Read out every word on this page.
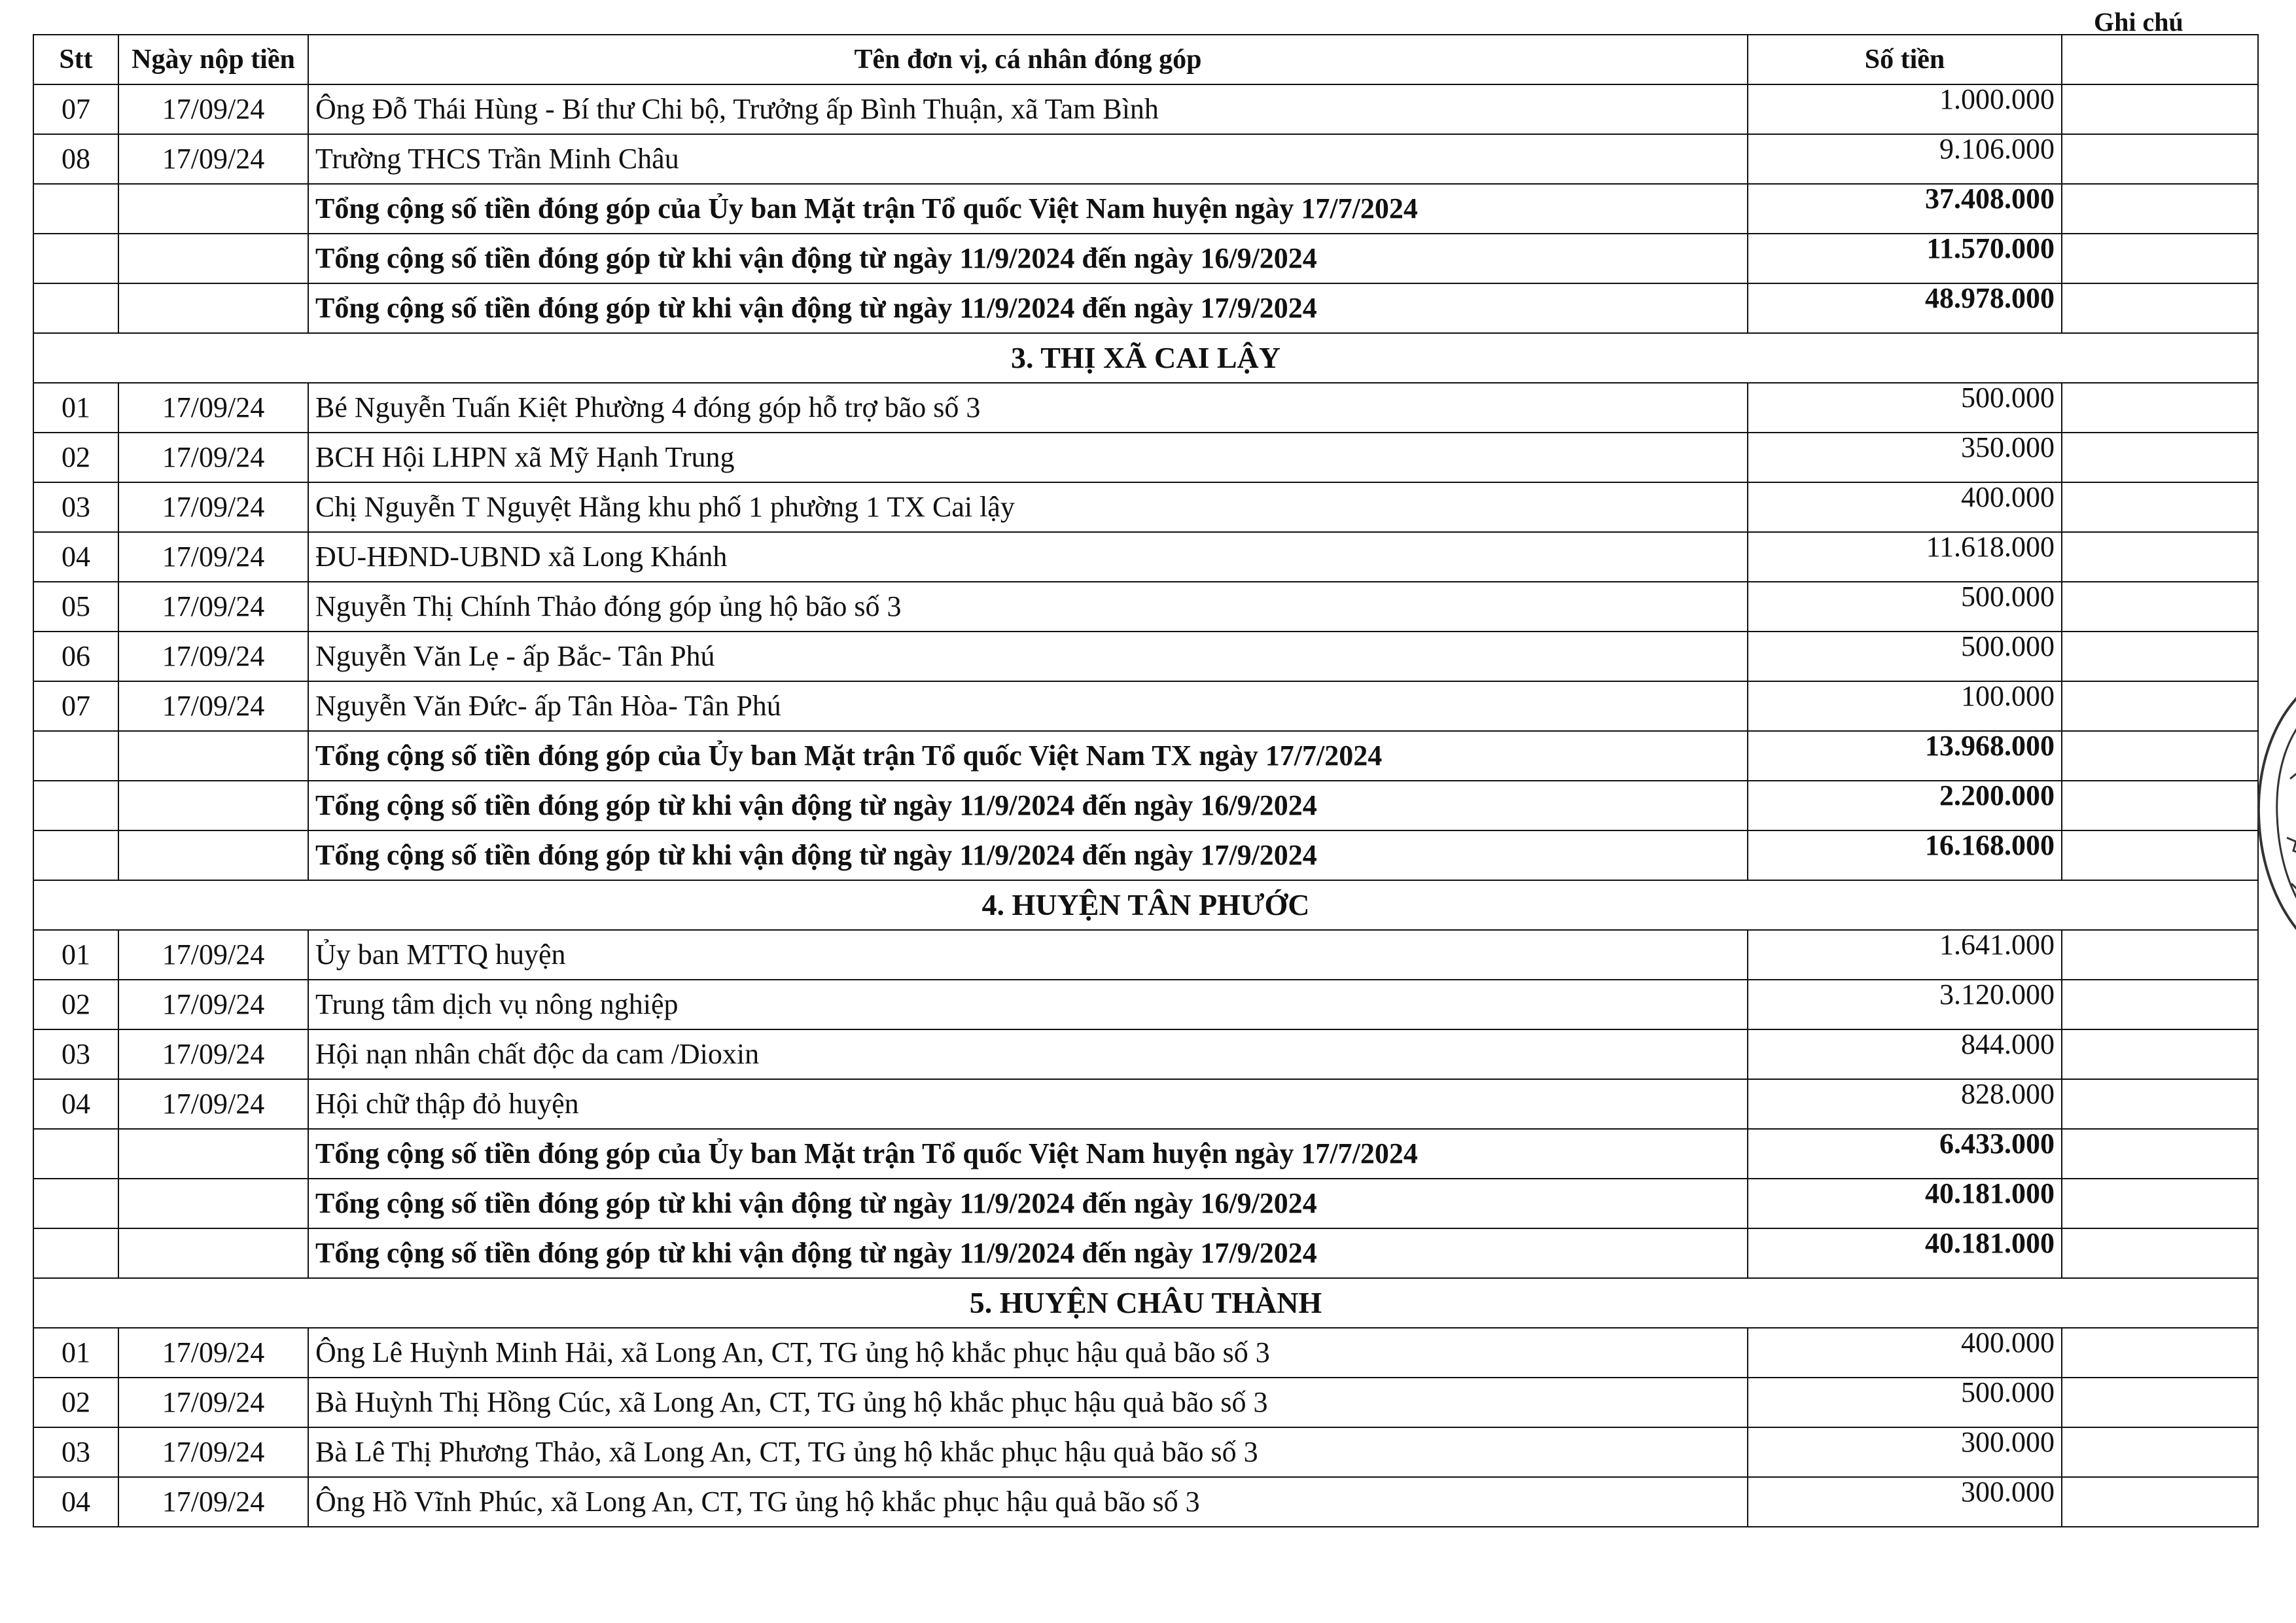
Ghi chú
Stt	Ngày nộp tiền	Tên đơn vị, cá nhân đóng góp	Số tiền	
07	17/09/24	Ông Đỗ Thái Hùng - Bí thư Chi bộ, Trưởng ấp Bình Thuận, xã Tam Bình	1.000.000	
08	17/09/24	Trường THCS Trần Minh Châu	9.106.000	
		Tổng cộng số tiền đóng góp của Ủy ban Mặt trận Tổ quốc Việt Nam huyện ngày 17/7/2024	37.408.000	
		Tổng cộng số tiền đóng góp từ khi vận động từ ngày 11/9/2024 đến ngày 16/9/2024	11.570.000	
		Tổng cộng số tiền đóng góp từ khi vận động từ ngày 11/9/2024 đến ngày 17/9/2024	48.978.000	
3. THỊ XÃ CAI LẬY				
01	17/09/24	Bé Nguyễn Tuấn Kiệt Phường 4 đóng góp hỗ trợ bão số 3	500.000	
02	17/09/24	BCH Hội LHPN xã Mỹ Hạnh Trung	350.000	
03	17/09/24	Chị Nguyễn T Nguyệt Hằng khu phố 1 phường 1 TX Cai lậy	400.000	
04	17/09/24	ĐU-HĐND-UBND xã Long Khánh	11.618.000	
05	17/09/24	Nguyễn Thị Chính Thảo đóng góp ủng hộ bão số 3	500.000	
06	17/09/24	Nguyễn Văn Lẹ - ấp Bắc- Tân Phú	500.000	
07	17/09/24	Nguyễn Văn Đức- ấp Tân Hòa- Tân Phú	100.000	
		Tổng cộng số tiền đóng góp của Ủy ban Mặt trận Tổ quốc Việt Nam TX ngày 17/7/2024	13.968.000	
		Tổng cộng số tiền đóng góp từ khi vận động từ ngày 11/9/2024 đến ngày 16/9/2024	2.200.000	
		Tổng cộng số tiền đóng góp từ khi vận động từ ngày 11/9/2024 đến ngày 17/9/2024	16.168.000	
4. HUYỆN TÂN PHƯỚC				
01	17/09/24	Ủy ban MTTQ huyện	1.641.000	
02	17/09/24	Trung tâm dịch vụ nông nghiệp	3.120.000	
03	17/09/24	Hội nạn nhân chất độc da cam /Dioxin	844.000	
04	17/09/24	Hội chữ thập đỏ huyện	828.000	
		Tổng cộng số tiền đóng góp của Ủy ban Mặt trận Tổ quốc Việt Nam huyện ngày 17/7/2024	6.433.000	
		Tổng cộng số tiền đóng góp từ khi vận động từ ngày 11/9/2024 đến ngày 16/9/2024	40.181.000	
		Tổng cộng số tiền đóng góp từ khi vận động từ ngày 11/9/2024 đến ngày 17/9/2024	40.181.000	
5. HUYỆN CHÂU THÀNH				
01	17/09/24	Ông Lê Huỳnh Minh Hải, xã Long An, CT, TG ủng hộ khắc phục hậu quả bão số 3	400.000	
02	17/09/24	Bà Huỳnh Thị Hồng Cúc, xã Long An, CT, TG ủng hộ khắc phục hậu quả bão số 3	500.000	
03	17/09/24	Bà Lê Thị Phương Thảo, xã Long An, CT, TG ủng hộ khắc phục hậu quả bão số 3	300.000	
04	17/09/24	Ông Hồ Vĩnh Phúc, xã Long An, CT, TG ủng hộ khắc phục hậu quả bão số 3	300.000	
